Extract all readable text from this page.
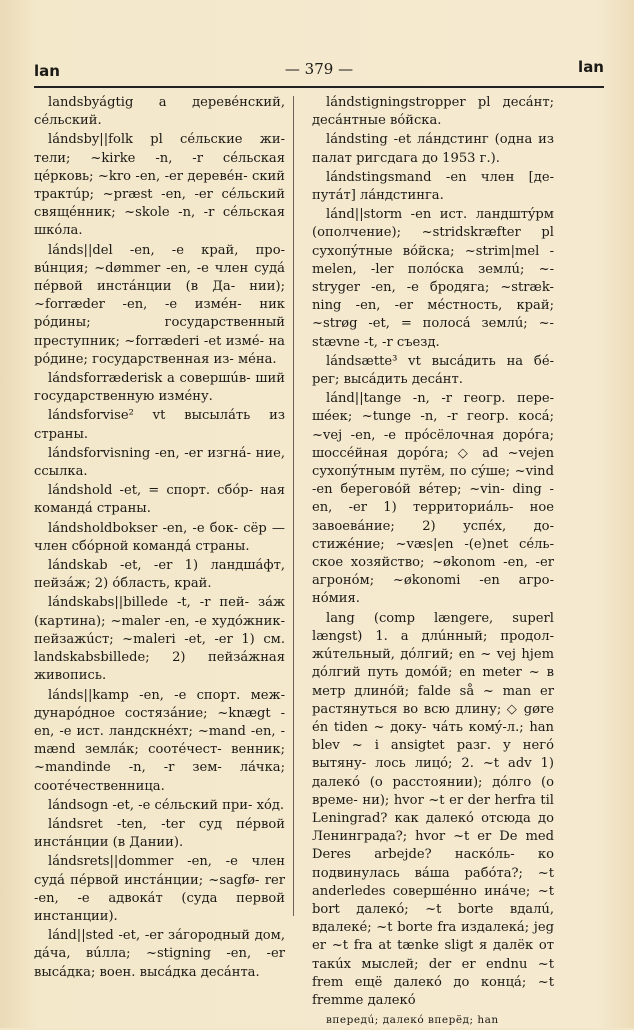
lan	— 379 —	lan

landsbyágtig a деревéнский, сéльский.

lándsby||folk pl сéльские жи- тели; ~kirke -n, -r сéльская цéрковь; ~kro -en, -er деревéн- ский трактúр; ~præst -en, -er сéльский свящéнник; ~skole -n, -r сéльская шкóла.

lánds||del -en, -e край, про- вúнция; ~dømmer -en, -e член судá пéрвой инстáнции (в Да- нии); ~forræder -en, -e измéн- ник рóдины; государственный преступник; ~forræderi -et измé- на рóдине; государственная из- мéна.

lándsforræderisk a совершúв- ший государственную измéну.

lándsforvise² vt высылáть из страны.

lándsforvisning -en, -er изгнá- ние, ссылка.

lándshold -et, = спорт. сбóр- ная командá страны.

lándsholdbokser -en, -e бок- сёр — член сбóрной командá страны.

lándskab -et, -er 1) ландшáфт, пейзáж; 2) óбласть, край.

lándskabs||billede -t, -r пей- зáж (картина); ~maler -en, -e худóжник-пейзажúст; ~maleri -et, -er 1) см. landskabsbillede; 2) пейзáжная живопись.

lánds||kamp -en, -e спорт. меж- дунарóдное состязáние; ~knægt -en, -e ист. ландскнéхт; ~mand -en, -mænd землáк; соотéчест- венник; ~mandinde -n, -r зем- лáчка; соотéчественница.

lándsogn -et, -e сéльский при- хóд.

lándsret -ten, -ter суд пéрвой инстáнции (в Дании).

lándsrets||dommer -en, -e член судá пéрвой инстáнции; ~sagfø- rer -en, -e адвокáт (суда первой инстанции).

lánd||sted -et, -er зáгородный дом, дáча, вúлла; ~stigning -en, -er высáдка; воен. высáдка десáнта.

lándstigningstropper pl десáнт; десáнтные вóйска.

lándsting -et лáндстинг (одна из палат ригсдага до 1953 г.).

lándstingsmand -en член [де- путáт] лáндстинга.

lánd||storm -en ист. ландштýрм (ополчение); ~stridskræfter pl сухопýтные вóйска; ~strim|mel -melen, -ler полóска землú; ~- stryger -en, -e бродяга; ~stræk- ning -en, -er мéстность, край; ~strøg -et, = полосá землú; ~- stævne -t, -r съезд.

lándsætte³ vt высáдить на бé- рег; высáдить десáнт.

lánd||tange -n, -r геогр. пере- шéек; ~tunge -n, -r геогр. косá; ~vej -en, -e прóсёлочная дорóга; шоссéйная дорóга; ◇ ad ~vejen сухопýтным путём, по сýше; ~vind -en береговóй вéтер; ~vin- ding -en, -er 1) территориáль- ное завоевáние; 2) успéх, до- стижéние; ~væs|en -(e)net сéль- ское хозяйство; ~økonom -en, -er агронóм; ~økonomi -en агро- нóмия.

lang (comp længere, superl længst) 1. a длúнный; продол- жúтельный, дóлгий; en ~ vej hjem дóлгий путь домóй; en meter ~ в метр длинóй; falde så ~ man er растянуться во всю длину; ◇ gøre én tiden ~ доку- чáть комý-л.; han blev ~ i ansigtet разг. у негó вытяну- лось лицó; 2. ~t adv 1) далекó (о расстоянии); дóлго (о време- ни); hvor ~t er der herfra til Leningrad? как далекó отсюда до Ленинграда?; hvor ~t er De med Deres arbejde? наскóль- ко подвинулась вáша рабóта?; ~t anderledes совершéнно инáче; ~t bort далекó; ~t borte вдалú, вдалекé; ~t borte fra издалекá; jeg er ~t fra at tænke sligt я далёк от такúх мыслей; der er endnu ~t frem ещё далекó до концá; ~t fremme далекó

впередú; далекó вперёд; han
